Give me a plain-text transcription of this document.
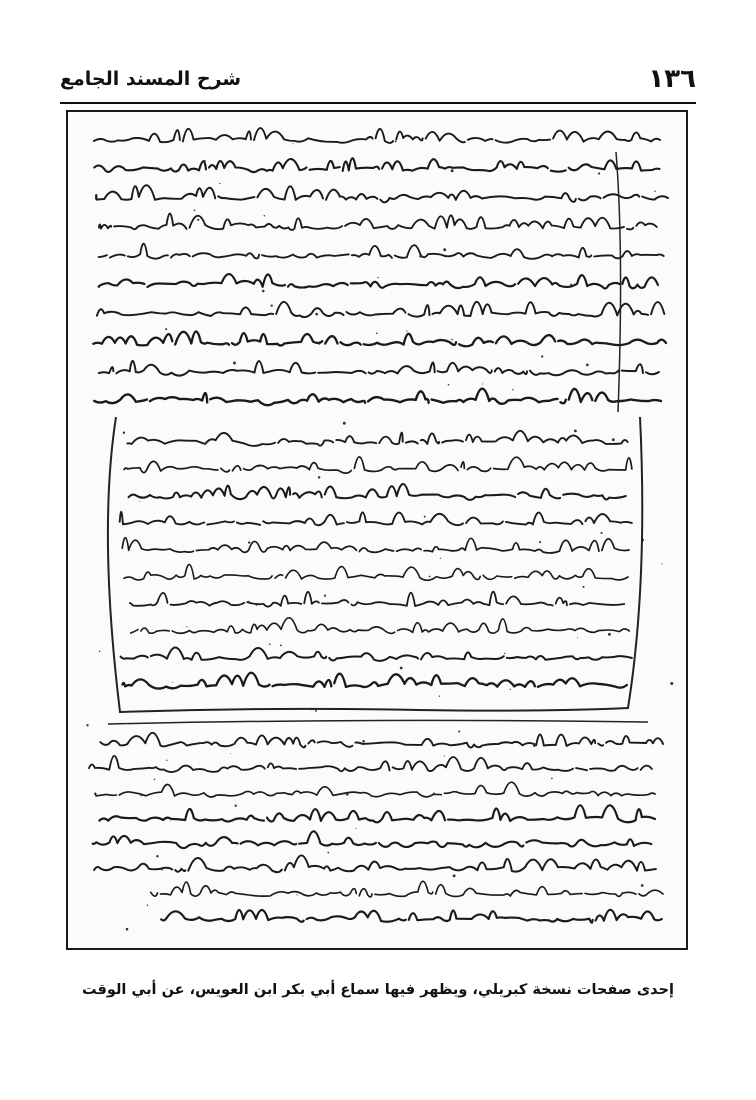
١٣٦
شرح المسند الجامع
إحدى صفحات نسخة كبريلي، ويظهر فيها سماع أبي بكر ابن العويس، عن أبي الوقت
